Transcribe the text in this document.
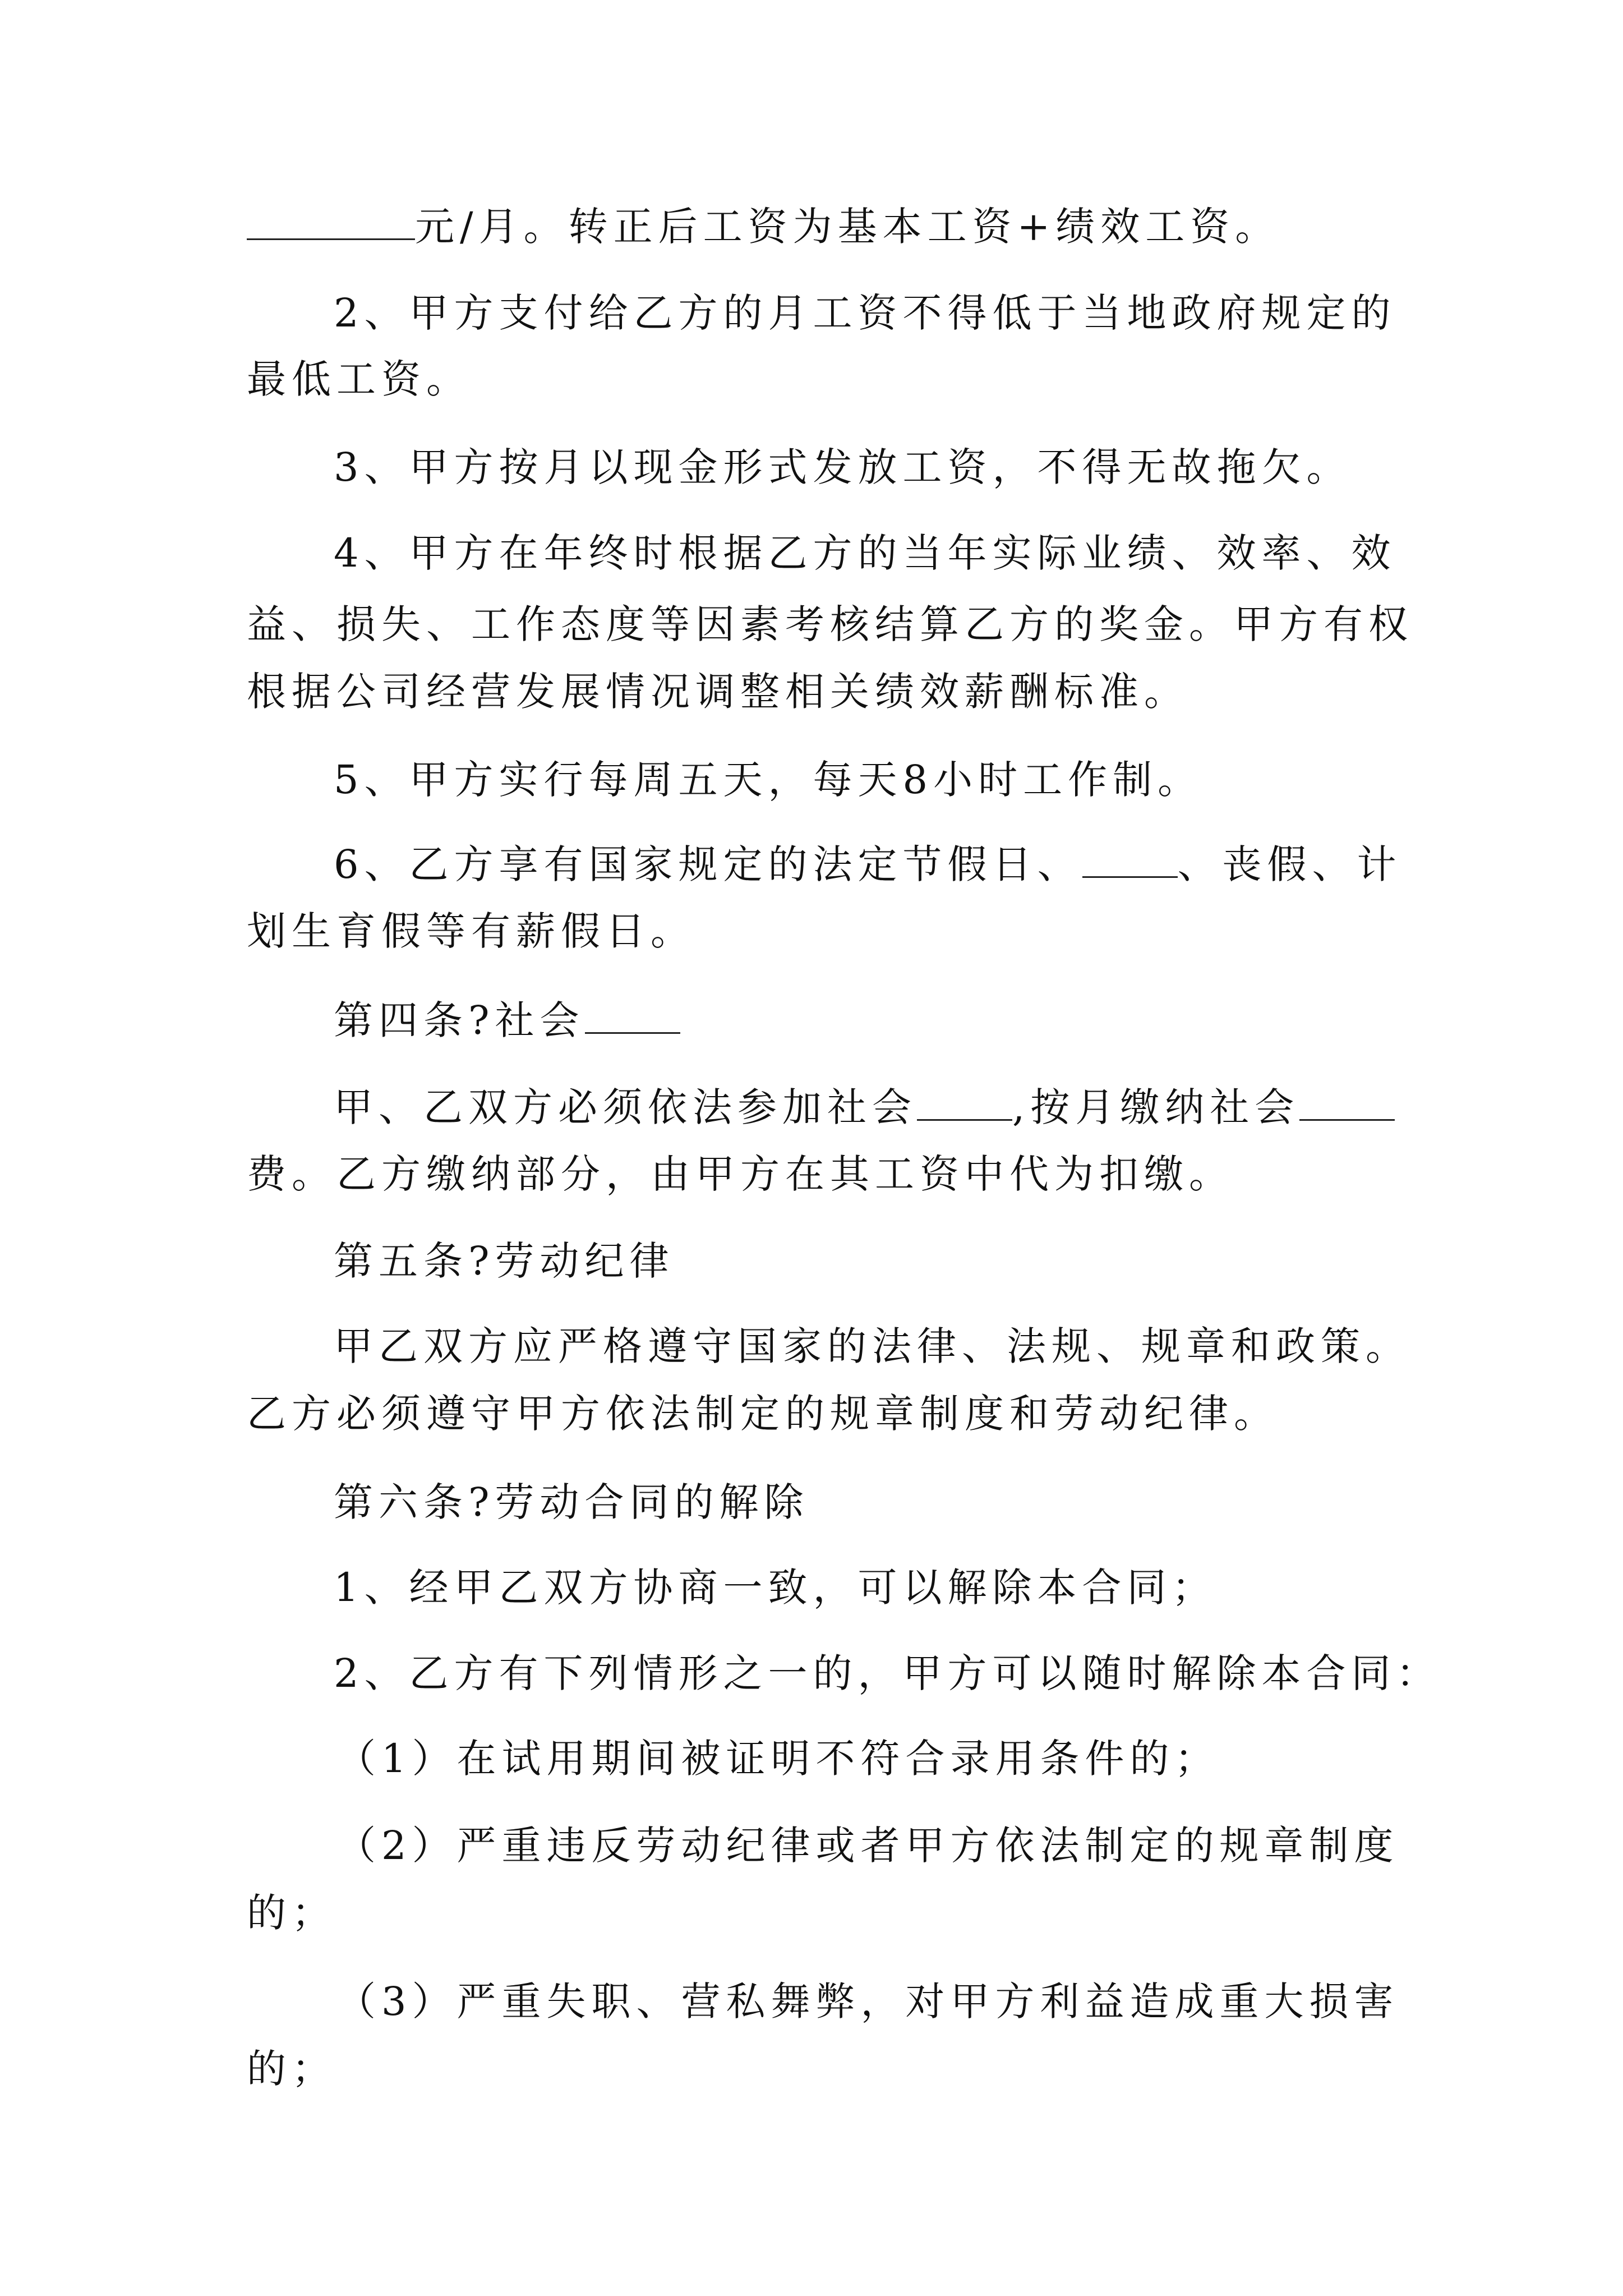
元/月。转正后工资为基本工资+绩效工资。
2、甲方支付给乙方的月工资不得低于当地政府规定的
最低工资。
3、甲方按月以现金形式发放工资，不得无故拖欠。
4、甲方在年终时根据乙方的当年实际业绩、效率、效
益、损失、工作态度等因素考核结算乙方的奖金。甲方有权
根据公司经营发展情况调整相关绩效薪酬标准。
5、甲方实行每周五天，每天8小时工作制。
6、乙方享有国家规定的法定节假日、 、丧假、计
划生育假等有薪假日。
第四条?社会
甲、乙双方必须依法参加社会 ,按月缴纳社会
费。乙方缴纳部分，由甲方在其工资中代为扣缴。
第五条?劳动纪律
甲乙双方应严格遵守国家的法律、法规、规章和政策。
乙方必须遵守甲方依法制定的规章制度和劳动纪律。
第六条?劳动合同的解除
1、经甲乙双方协商一致，可以解除本合同；
2、乙方有下列情形之一的，甲方可以随时解除本合同：
（1）在试用期间被证明不符合录用条件的；
（2）严重违反劳动纪律或者甲方依法制定的规章制度
的；
（3）严重失职、营私舞弊，对甲方利益造成重大损害
的；
